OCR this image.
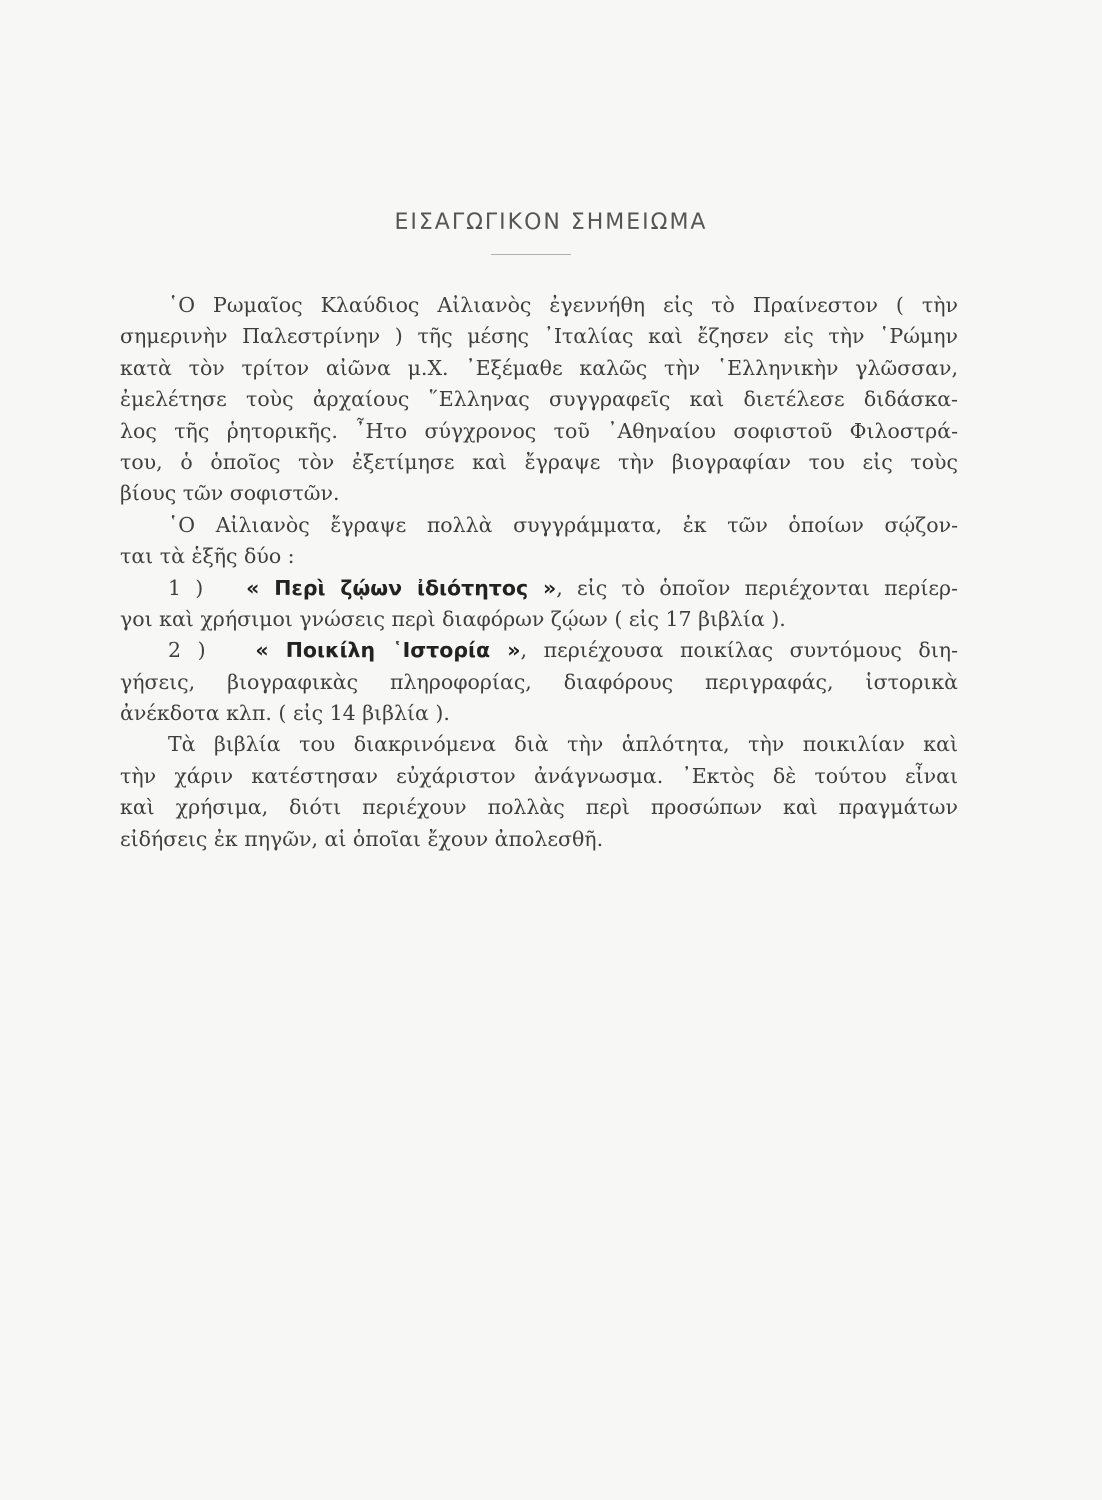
ΕΙΣΑΓΩΓΙΚΟΝ ΣΗΜΕΙΩΜΑ
῾Ο Ρωμαῖος Κλαύδιος Αἰλιανὸς ἐγεννήθη εἰς τὸ Πραίνεστον ( τὴν
σημερινὴν Παλεστρίνην ) τῆς μέσης ᾿Ιταλίας καὶ ἔζησεν εἰς τὴν ῾Ρώμην
κατὰ τὸν τρίτον αἰῶνα μ.Χ. ᾿Εξέμαθε καλῶς τὴν ῾Ελληνικὴν γλῶσσαν,
ἐμελέτησε τοὺς ἀρχαίους ῞Ελληνας συγγραφεῖς καὶ διετέλεσε διδάσκα-
λος τῆς ῥητορικῆς. ῏Ητο σύγχρονος τοῦ ᾿Αθηναίου σοφιστοῦ Φιλοστρά-
του, ὁ ὁποῖος τὸν ἐξετίμησε καὶ ἔγραψε τὴν βιογραφίαν του εἰς τοὺς
βίους τῶν σοφιστῶν.
῾Ο Αἰλιανὸς ἔγραψε πολλὰ συγγράμματα, ἐκ τῶν ὁποίων σῴζον-
ται τὰ ἑξῆς δύο :
1 ) « Περὶ ζῴων ἰδιότητος », εἰς τὸ ὁποῖον περιέχονται περίερ-
γοι καὶ χρήσιμοι γνώσεις περὶ διαφόρων ζῴων ( εἰς 17 βιβλία ).
2 ) « Ποικίλη ῾Ιστορία », περιέχουσα ποικίλας συντόμους διη-
γήσεις, βιογραφικὰς πληροφορίας, διαφόρους περιγραφάς, ἱστορικὰ
ἀνέκδοτα κλπ. ( εἰς 14 βιβλία ).
Τὰ βιβλία του διακρινόμενα διὰ τὴν ἁπλότητα, τὴν ποικιλίαν καὶ
τὴν χάριν κατέστησαν εὐχάριστον ἀνάγνωσμα. ᾿Εκτὸς δὲ τούτου εἶναι
καὶ χρήσιμα, διότι περιέχουν πολλὰς περὶ προσώπων καὶ πραγμάτων
εἰδήσεις ἐκ πηγῶν, αἱ ὁποῖαι ἔχουν ἀπολεσθῆ.
